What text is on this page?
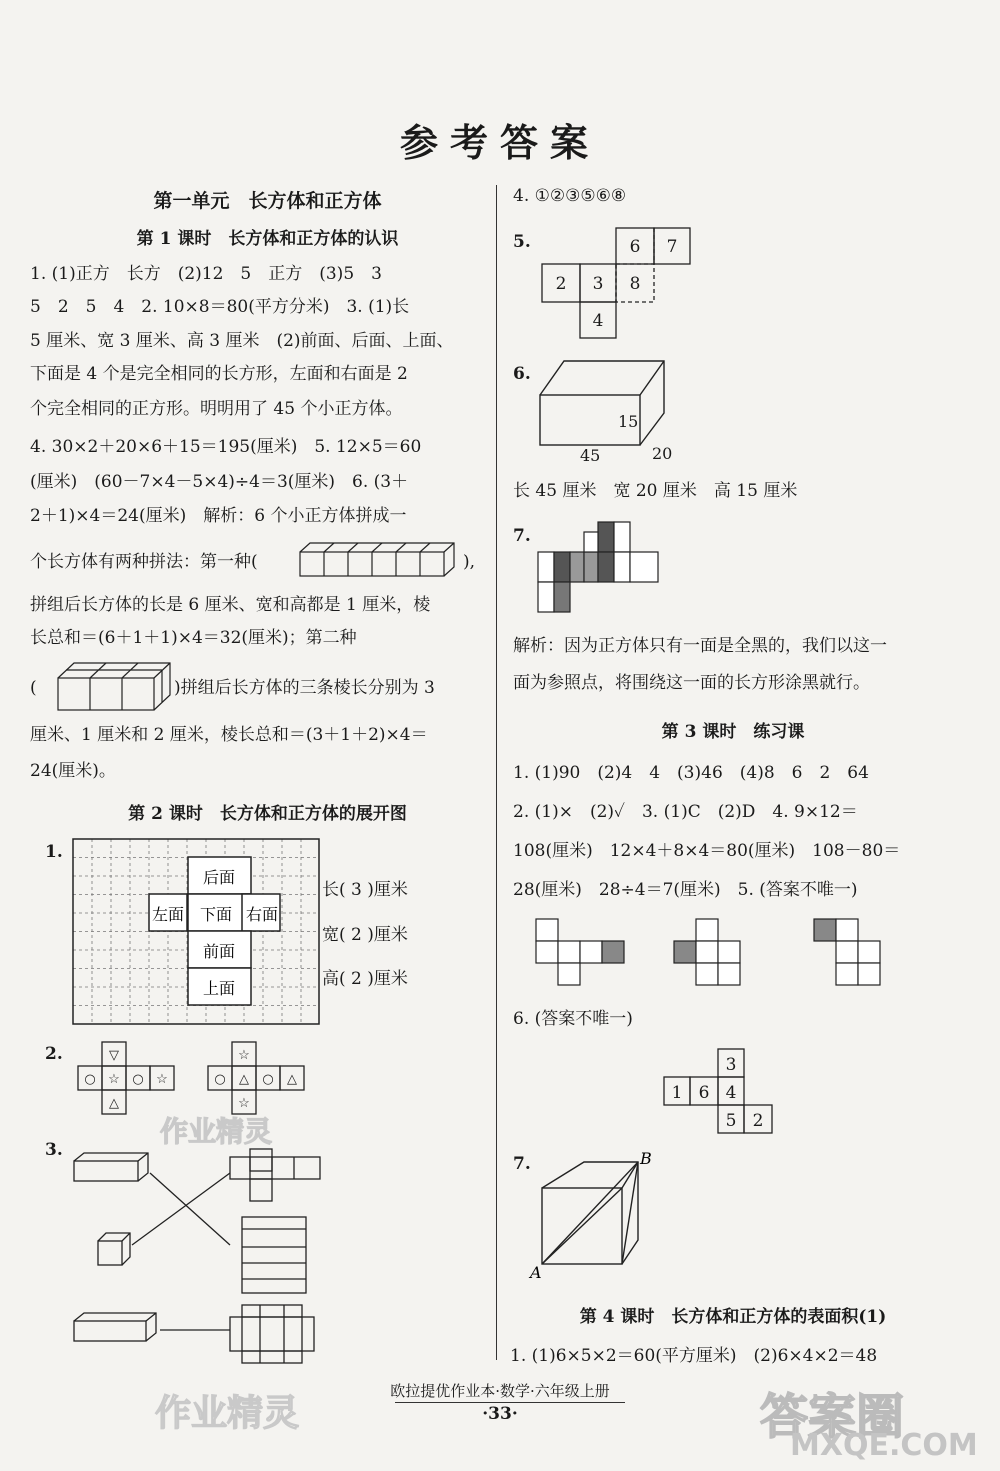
参考答案
第一单元　长方体和正方体
第 1 课时　长方体和正方体的认识
1. (1)正方　长方　(2)12　5　正方　(3)5　3
5　2　5　4　2. 10×8＝80(平方分米)　3. (1)长
5 厘米、宽 3 厘米、高 3 厘米　(2)前面、后面、上面、
下面是 4 个是完全相同的长方形，左面和右面是 2
个完全相同的正方形。明明用了 45 个小正方体。
4. 30×2＋20×6＋15＝195(厘米)　5. 12×5＝60
(厘米)　(60－7×4－5×4)÷4＝3(厘米)　6. (3＋
2＋1)×4＝24(厘米)　解析：6 个小正方体拼成一
个长方体有两种拼法：第一种(	),
拼组后长方体的长是 6 厘米、宽和高都是 1 厘米，棱
长总和＝(6＋1＋1)×4＝32(厘米)；第二种
(	)拼组后长方体的三条棱长分别为 3
厘米、1 厘米和 2 厘米，棱长总和＝(3＋1＋2)×4＝
24(厘米)。
第 2 课时　长方体和正方体的展开图
1.
后面
左面 下面 右面
前面
上面
长( 3 )厘米
宽( 2 )厘米
高( 2 )厘米
2.	▽
○ ☆ ○ ☆
△
☆
○ △ ○ △
☆
3.
4. ①②③⑤⑥⑧
5.	6 7
2 3 8
4
6.
15
20
45
长 45 厘米　宽 20 厘米　高 15 厘米
7.
解析：因为正方体只有一面是全黑的，我们以这一
面为参照点，将围绕这一面的长方形涂黑就行。
第 3 课时　练习课
1. (1)90　(2)4　4　(3)46　(4)8　6　2　64
2. (1)×　(2)✓　3. (1)C　(2)D　4. 9×12＝
108(厘米)　12×4＋8×4＝80(厘米)　108－80＝
28(厘米)　28÷4＝7(厘米)　5. (答案不唯一)
6. (答案不唯一)
3
1 6 4
5 2
7.
A
B
第 4 课时　长方体和正方体的表面积(1)
1. (1)6×5×2＝60(平方厘米)　(2)6×4×2＝48
作业精灵
作业精灵	答案圈
MXQE.COM
欧拉提优作业本·数学·六年级上册
·33·
